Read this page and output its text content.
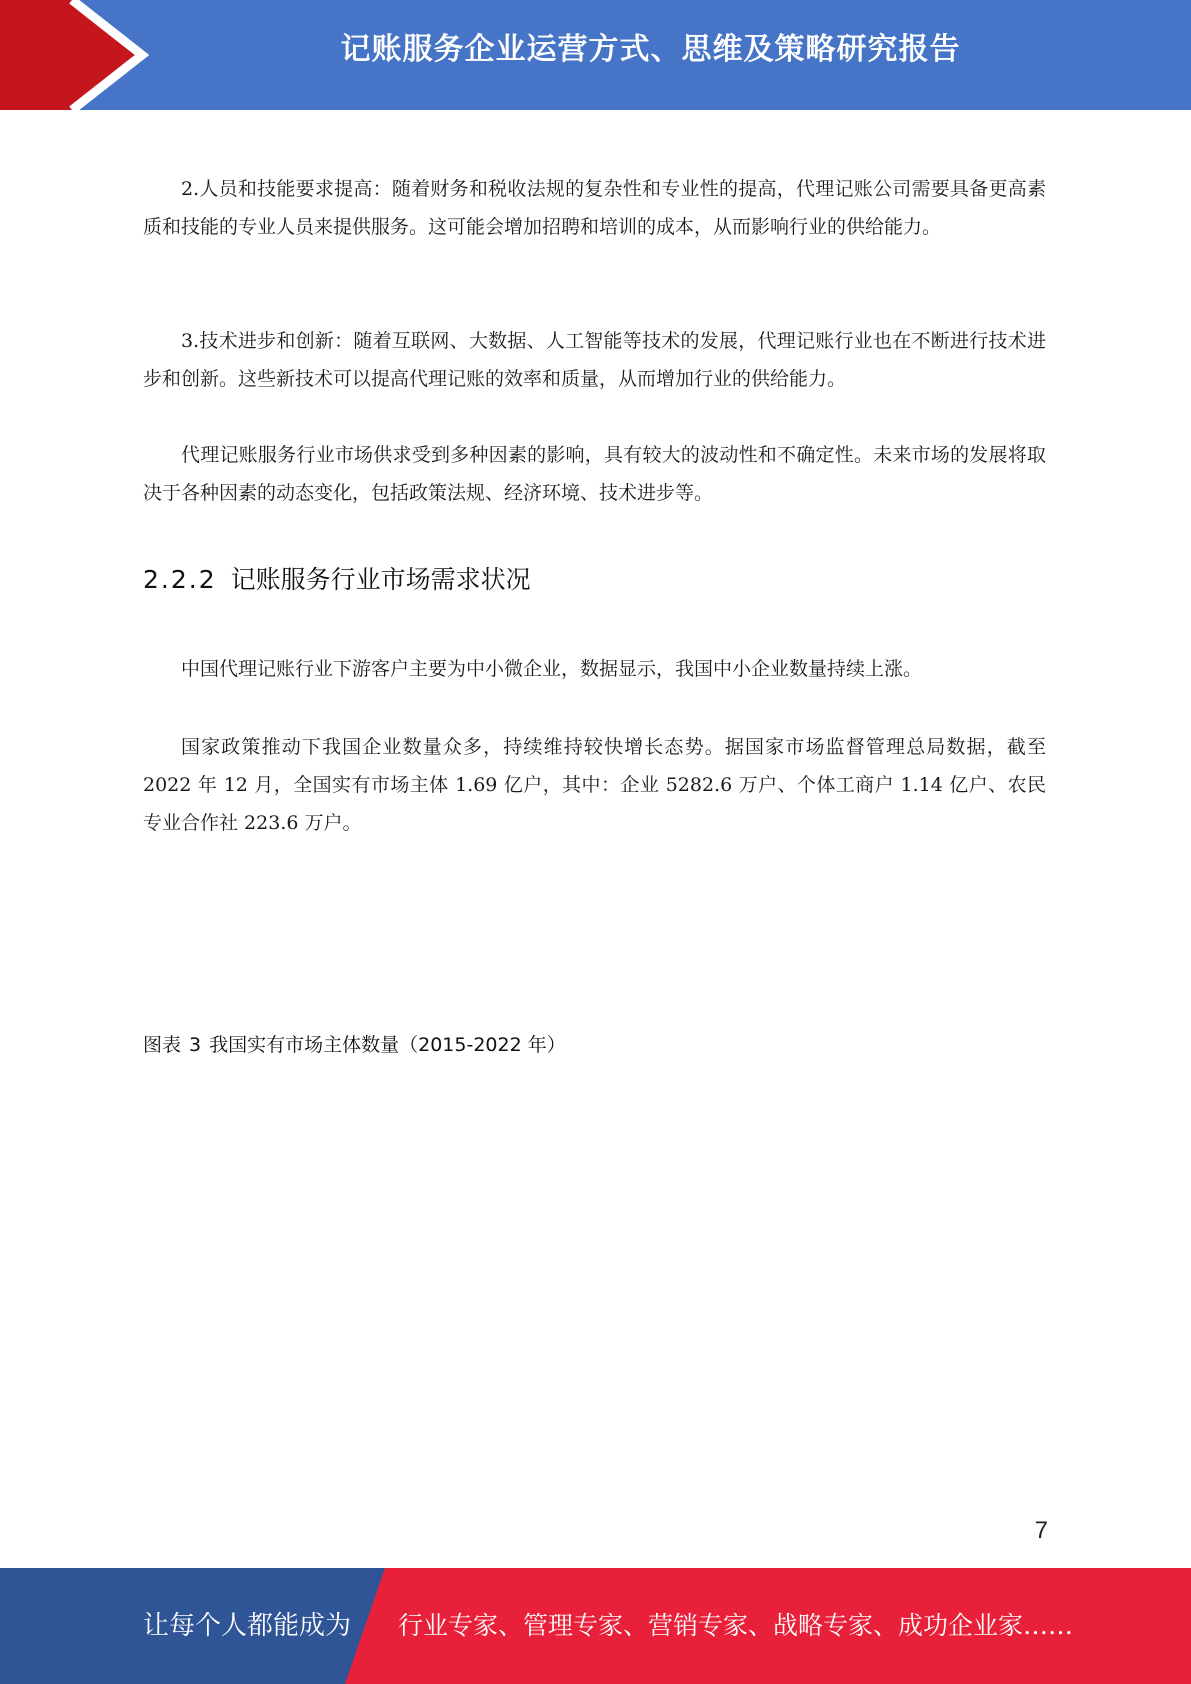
记账服务企业运营方式、思维及策略研究报告

2.人员和技能要求提高：随着财务和税收法规的复杂性和专业性的提高，代理记账公司需要具备更高素质和技能的专业人员来提供服务。这可能会增加招聘和培训的成本，从而影响行业的供给能力。

3.技术进步和创新：随着互联网、大数据、人工智能等技术的发展，代理记账行业也在不断进行技术进步和创新。这些新技术可以提高代理记账的效率和质量，从而增加行业的供给能力。

代理记账服务行业市场供求受到多种因素的影响，具有较大的波动性和不确定性。未来市场的发展将取决于各种因素的动态变化，包括政策法规、经济环境、技术进步等。

2.2.2 记账服务行业市场需求状况

中国代理记账行业下游客户主要为中小微企业，数据显示，我国中小企业数量持续上涨。

国家政策推动下我国企业数量众多，持续维持较快增长态势。据国家市场监督管理总局数据，截至 2022 年 12 月，全国实有市场主体 1.69 亿户，其中：企业 5282.6 万户、个体工商户 1.14 亿户、农民专业合作社 223.6 万户。

图表 3 我国实有市场主体数量（2015-2022 年）
7
让每个人都能成为 行业专家、管理专家、营销专家、战略专家、成功企业家……
